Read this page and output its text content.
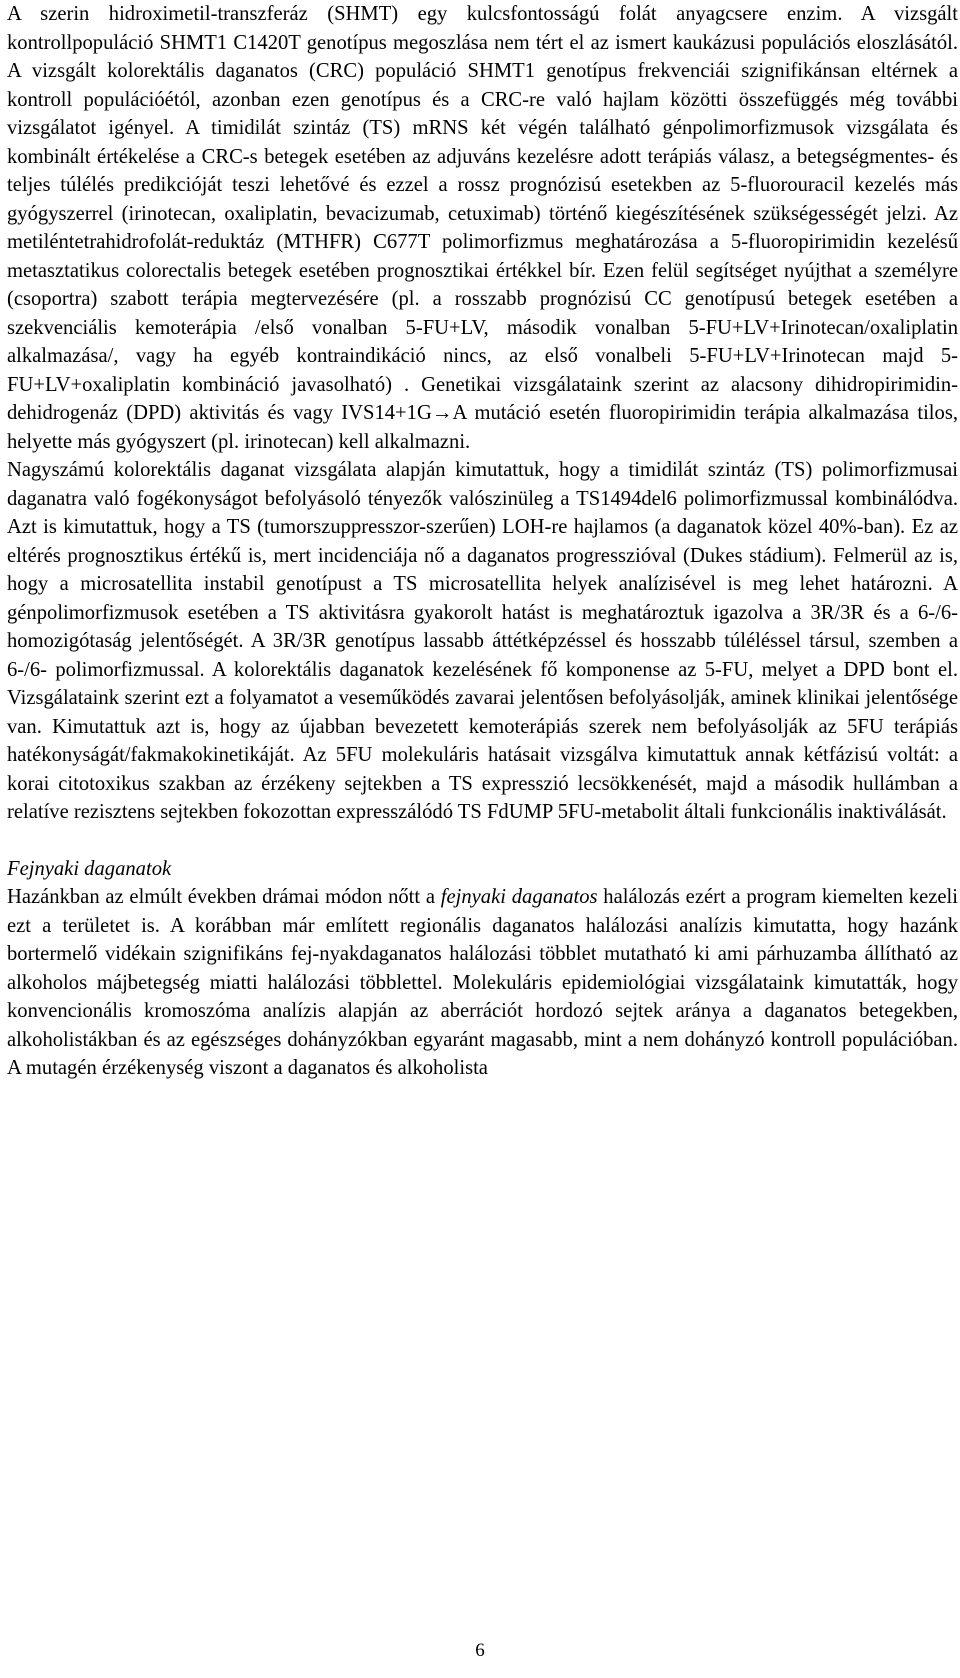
A szerin hidroximetil-transzferáz (SHMT) egy kulcsfontosságú folát anyagcsere enzim. A vizsgált kontrollpopuláció SHMT1 C1420T genotípus megoszlása nem tért el az ismert kaukázusi populációs eloszlásától. A vizsgált kolorektális daganatos (CRC) populáció SHMT1 genotípus frekvenciái szignifikánsan eltérnek a kontroll populációétól, azonban ezen genotípus és a CRC-re való hajlam közötti összefüggés még további vizsgálatot igényel. A timidilát szintáz (TS) mRNS két végén található génpolimorfizmusok vizsgálata és kombinált értékelése a CRC-s betegek esetében az adjuváns kezelésre adott terápiás válasz, a betegségmentes- és teljes túlélés predikcióját teszi lehetővé és ezzel a rossz prognózisú esetekben az 5-fluorouracil kezelés más gyógyszerrel (irinotecan, oxaliplatin, bevacizumab, cetuximab) történő kiegészítésének szükségességét jelzi. Az metiléntetrahidrofolát-reduktáz (MTHFR) C677T polimorfizmus meghatározása a 5-fluoropirimidin kezelésű metasztatikus colorectalis betegek esetében prognosztikai értékkel bír. Ezen felül segítséget nyújthat a személyre (csoportra) szabott terápia megtervezésére (pl. a rosszabb prognózisú CC genotípusú betegek esetében a szekvenciális kemoterápia /első vonalban 5-FU+LV, második vonalban 5-FU+LV+Irinotecan/oxaliplatin alkalmazása/, vagy ha egyéb kontraindikáció nincs, az első vonalbeli 5-FU+LV+Irinotecan majd 5-FU+LV+oxaliplatin kombináció javasolható) . Genetikai vizsgálataink szerint az alacsony dihidropirimidin-dehidrogenáz (DPD) aktivitás és vagy IVS14+1G→A mutáció esetén fluoropirimidin terápia alkalmazása tilos, helyette más gyógyszert (pl. irinotecan) kell alkalmazni.

Nagyszámú kolorektális daganat vizsgálata alapján kimutattuk, hogy a timidilát szintáz (TS) polimorfizmusai daganatra való fogékonyságot befolyásoló tényezők valószinüleg a TS1494del6 polimorfizmussal kombinálódva. Azt is kimutattuk, hogy a TS (tumorszuppresszor-szerűen) LOH-re hajlamos (a daganatok közel 40%-ban). Ez az eltérés prognosztikus értékű is, mert incidenciája nő a daganatos progresszióval (Dukes stádium). Felmerül az is, hogy a microsatellita instabil genotípust a TS microsatellita helyek analízisével is meg lehet határozni. A génpolimorfizmusok esetében a TS aktivitásra gyakorolt hatást is meghatároztuk igazolva a 3R/3R és a 6-/6- homozigótaság jelentőségét. A 3R/3R genotípus lassabb áttétképzéssel és hosszabb túléléssel társul, szemben a 6-/6- polimorfizmussal. A kolorektális daganatok kezelésének fő komponense az 5-FU, melyet a DPD bont el. Vizsgálataink szerint ezt a folyamatot a veseműködés zavarai jelentősen befolyásolják, aminek klinikai jelentősége van. Kimutattuk azt is, hogy az újabban bevezetett kemoterápiás szerek nem befolyásolják az 5FU terápiás hatékonyságát/fakmakokinetikáját. Az 5FU molekuláris hatásait vizsgálva kimutattuk annak kétfázisú voltát: a korai citotoxikus szakban az érzékeny sejtekben a TS expresszió lecsökkenését, majd a második hullámban a relatíve rezisztens sejtekben fokozottan expresszálódó TS FdUMP 5FU-metabolit általi funkcionális inaktiválását.

Fejnyaki daganatok

Hazánkban az elmúlt években drámai módon nőtt a fejnyaki daganatos halálozás ezért a program kiemelten kezeli ezt a területet is. A korábban már említett regionális daganatos halálozási analízis kimutatta, hogy hazánk bortermelő vidékain szignifikáns fej-nyakdaganatos halálozási többlet mutatható ki ami párhuzamba állítható az alkoholos májbetegség miatti halálozási többlettel. Molekuláris epidemiológiai vizsgálataink kimutatták, hogy konvencionális kromoszóma analízis alapján az aberrációt hordozó sejtek aránya a daganatos betegekben, alkoholistákban és az egészséges dohányzókban egyaránt magasabb, mint a nem dohányzó kontroll populációban. A mutagén érzékenység viszont a daganatos és alkoholista

6
